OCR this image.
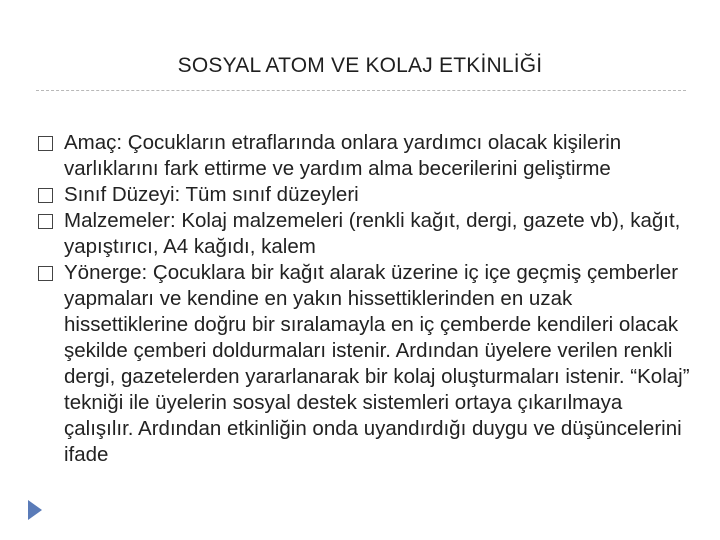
SOSYAL ATOM VE KOLAJ ETKİNLİĞİ
Amaç: Çocukların etraflarında onlara yardımcı olacak kişilerin varlıklarını fark ettirme ve yardım alma becerilerini geliştirme
Sınıf Düzeyi: Tüm sınıf düzeyleri
Malzemeler: Kolaj malzemeleri (renkli kağıt, dergi, gazete vb), kağıt, yapıştırıcı, A4 kağıdı, kalem
Yönerge: Çocuklara bir kağıt alarak üzerine iç içe geçmiş çemberler yapmaları ve kendine en yakın hissettiklerinden en uzak hissettiklerine doğru bir sıralamayla en iç çemberde kendileri olacak şekilde çemberi doldurmaları istenir. Ardından üyelere verilen renkli dergi, gazetelerden yararlanarak bir kolaj oluşturmaları istenir. “Kolaj” tekniği ile üyelerin sosyal destek sistemleri ortaya çıkarılmaya çalışılır. Ardından etkinliğin onda uyandırdığı duygu ve düşüncelerini ifade
